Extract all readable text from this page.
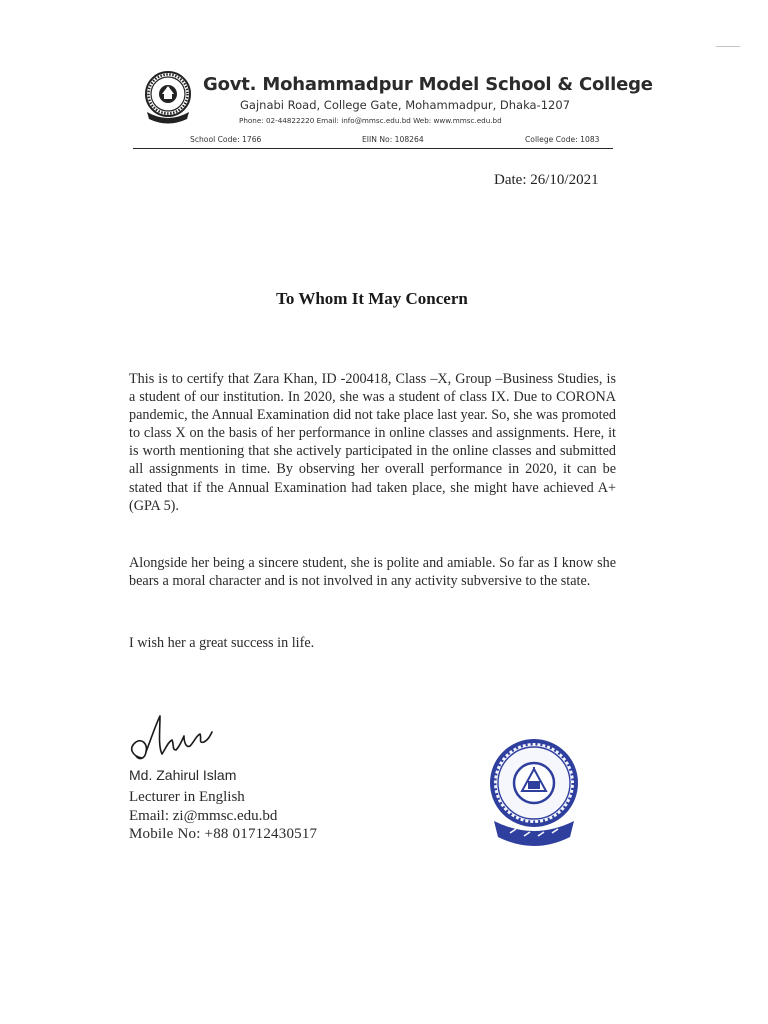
Govt. Mohammadpur Model School & College
Gajnabi Road, College Gate, Mohammadpur, Dhaka-1207
Phone: 02-44822220 Email: info@mmsc.edu.bd Web: www.mmsc.edu.bd
School Code: 1766	EIIN No: 108264	College Code: 1083
Date: 26/10/2021
To Whom It May Concern
This is to certify that Zara Khan, ID -200418, Class –X, Group –Business Studies, is a student of our institution. In 2020, she was a student of class IX. Due to CORONA pandemic, the Annual Examination did not take place last year. So, she was promoted to class X on the basis of her performance in online classes and assignments. Here, it is worth mentioning that she actively participated in the online classes and submitted all assignments in time. By observing her overall performance in 2020, it can be stated that if the Annual Examination had taken place, she might have achieved A+ (GPA 5).
Alongside her being a sincere student, she is polite and amiable. So far as I know she bears a moral character and is not involved in any activity subversive to the state.
I wish her a great success in life.
Md. Zahirul Islam
Lecturer in English
Email: zi@mmsc.edu.bd
Mobile No: +88 01712430517
